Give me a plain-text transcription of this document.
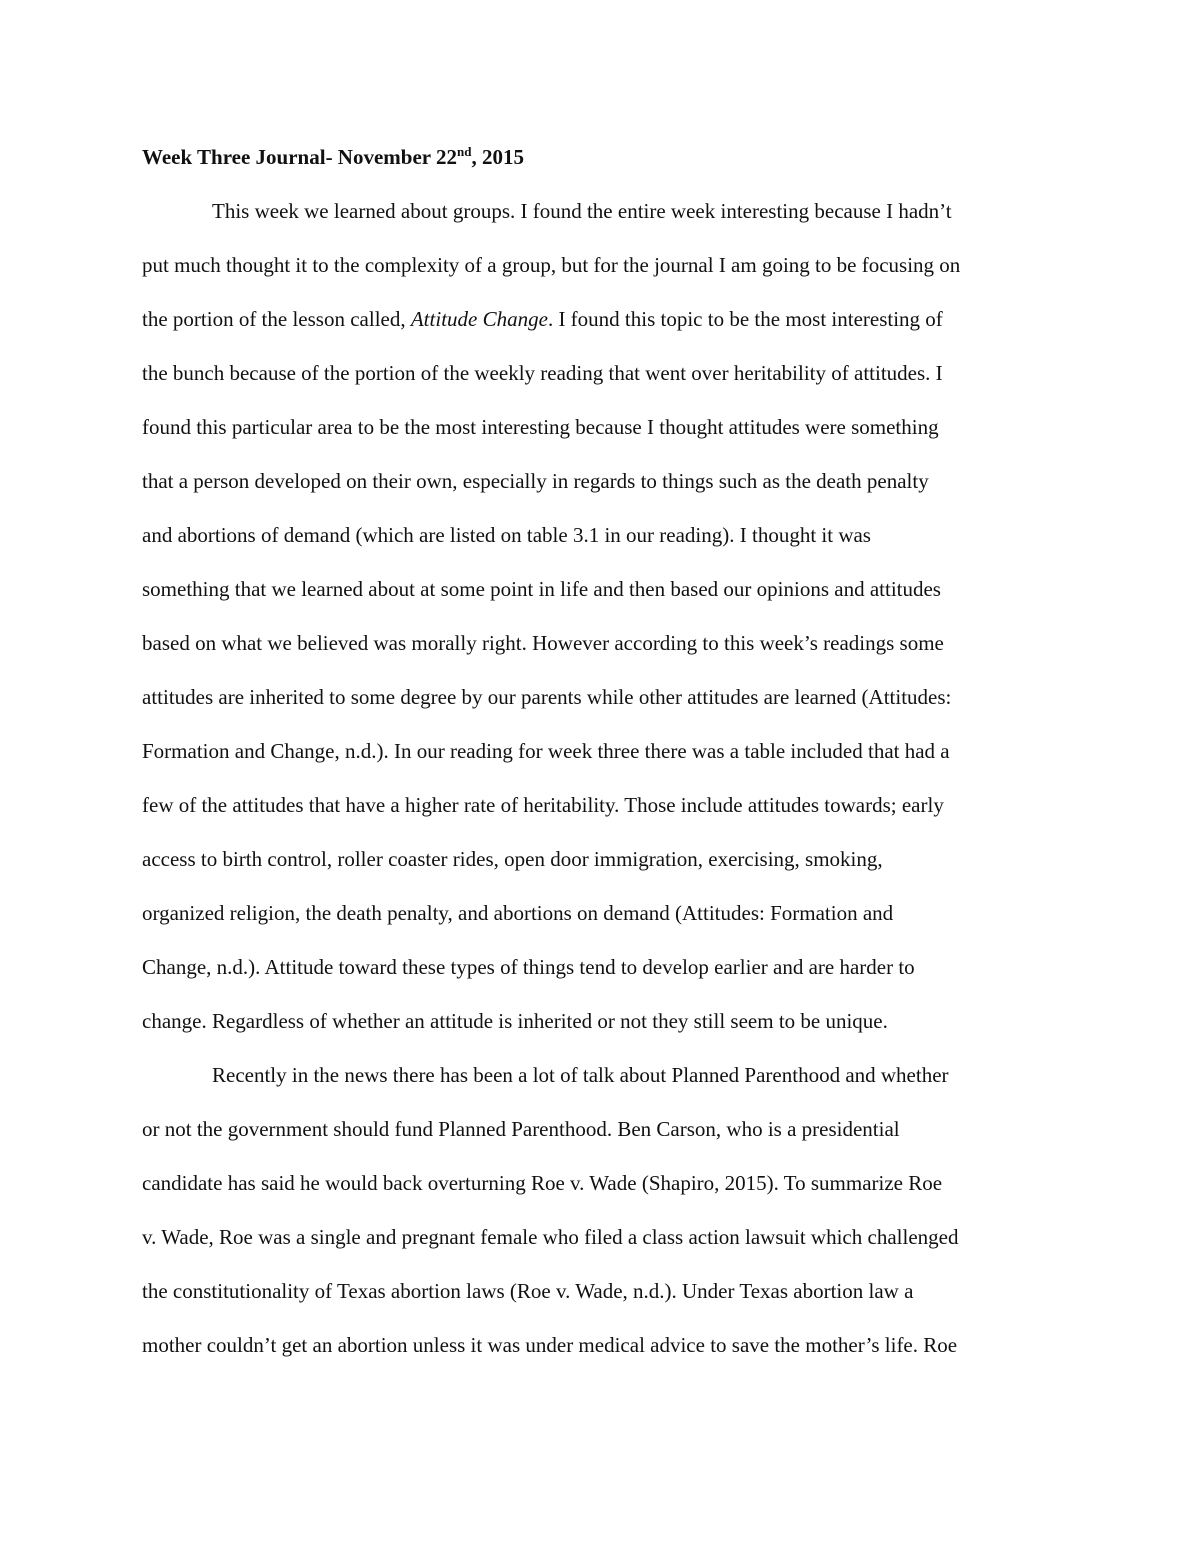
Week Three Journal- November 22nd, 2015
This week we learned about groups. I found the entire week interesting because I hadn’t
put much thought it to the complexity of a group, but for the journal I am going to be focusing on
the portion of the lesson called, Attitude Change. I found this topic to be the most interesting of
the bunch because of the portion of the weekly reading that went over heritability of attitudes. I
found this particular area to be the most interesting because I thought attitudes were something
that a person developed on their own, especially in regards to things such as the death penalty
and abortions of demand (which are listed on table 3.1 in our reading). I thought it was
something that we learned about at some point in life and then based our opinions and attitudes
based on what we believed was morally right. However according to this week’s readings some
attitudes are inherited to some degree by our parents while other attitudes are learned (Attitudes:
Formation and Change, n.d.). In our reading for week three there was a table included that had a
few of the attitudes that have a higher rate of heritability. Those include attitudes towards; early
access to birth control, roller coaster rides, open door immigration, exercising, smoking,
organized religion, the death penalty, and abortions on demand (Attitudes: Formation and
Change, n.d.). Attitude toward these types of things tend to develop earlier and are harder to
change. Regardless of whether an attitude is inherited or not they still seem to be unique.
Recently in the news there has been a lot of talk about Planned Parenthood and whether
or not the government should fund Planned Parenthood. Ben Carson, who is a presidential
candidate has said he would back overturning Roe v. Wade (Shapiro, 2015). To summarize Roe
v. Wade, Roe was a single and pregnant female who filed a class action lawsuit which challenged
the constitutionality of Texas abortion laws (Roe v. Wade, n.d.). Under Texas abortion law a
mother couldn’t get an abortion unless it was under medical advice to save the mother’s life. Roe
